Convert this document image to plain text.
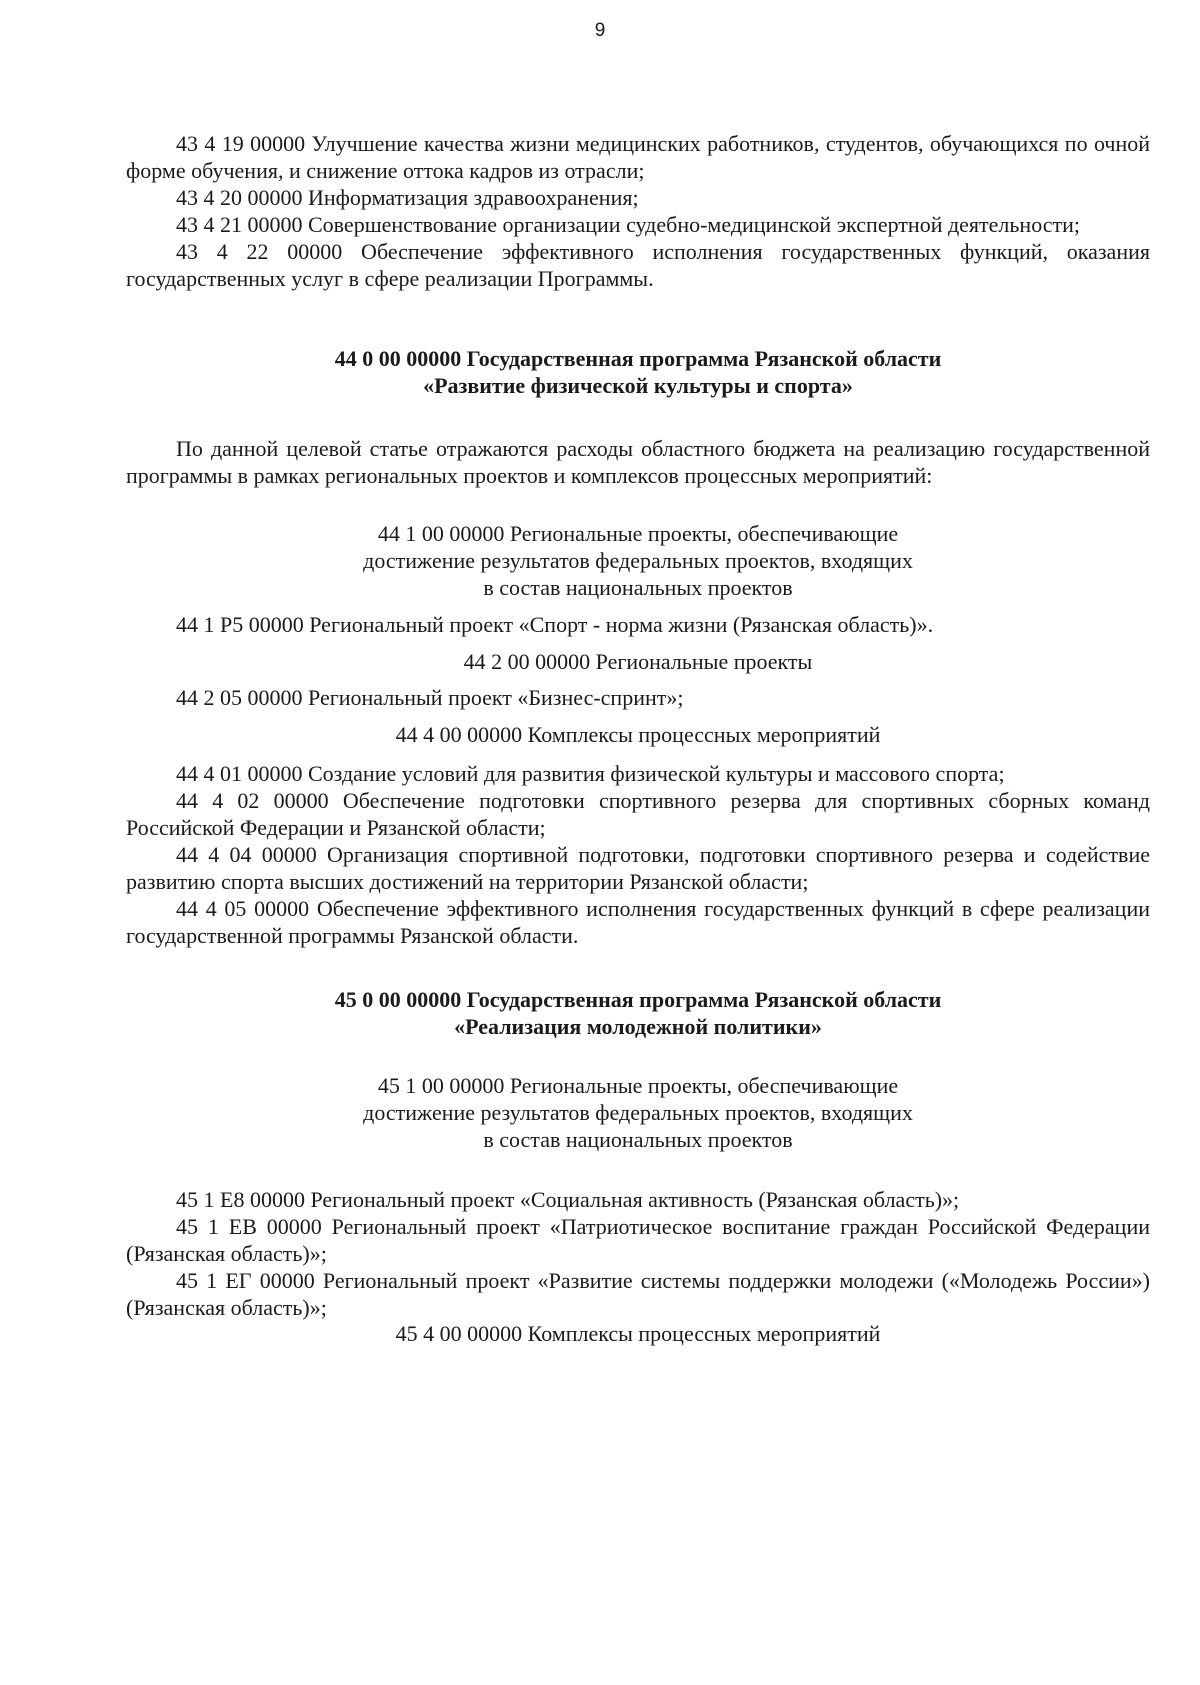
9

43 4 19 00000 Улучшение качества жизни медицинских работников, студентов, обучающихся по очной форме обучения, и снижение оттока кадров из отрасли;

43 4 20 00000 Информатизация здравоохранения;

43 4 21 00000 Совершенствование организации судебно-медицинской экспертной деятельности;

43 4 22 00000 Обеспечение эффективного исполнения государственных функций, оказания государственных услуг в сфере реализации Программы.

44 0 00 00000 Государственная программа Рязанской области

«Развитие физической культуры и спорта»

По данной целевой статье отражаются расходы областного бюджета на реализацию государственной программы в рамках региональных проектов и комплексов процессных мероприятий:

44 1 00 00000 Региональные проекты, обеспечивающие

достижение результатов федеральных проектов, входящих

в состав национальных проектов

44 1 P5 00000 Региональный проект «Спорт - норма жизни (Рязанская область)».

44 2 00 00000 Региональные проекты

44 2 05 00000 Региональный проект «Бизнес-спринт»;

44 4 00 00000 Комплексы процессных мероприятий

44 4 01 00000 Создание условий для развития физической культуры и массового спорта;

44 4 02 00000 Обеспечение подготовки спортивного резерва для спортивных сборных команд Российской Федерации и Рязанской области;

44 4 04 00000 Организация спортивной подготовки, подготовки спортивного резерва и содействие развитию спорта высших достижений на территории Рязанской области;

44 4 05 00000 Обеспечение эффективного исполнения государственных функций в сфере реализации государственной программы Рязанской области.

45 0 00 00000 Государственная программа Рязанской области

«Реализация молодежной политики»

45 1 00 00000 Региональные проекты, обеспечивающие

достижение результатов федеральных проектов, входящих

в состав национальных проектов

45 1 E8 00000 Региональный проект «Социальная активность (Рязанская область)»;

45 1 EB 00000 Региональный проект «Патриотическое воспитание граждан Российской Федерации (Рязанская область)»;

45 1 ЕГ 00000 Региональный проект «Развитие системы поддержки молодежи («Молодежь России») (Рязанская область)»;

45 4 00 00000 Комплексы процессных мероприятий
